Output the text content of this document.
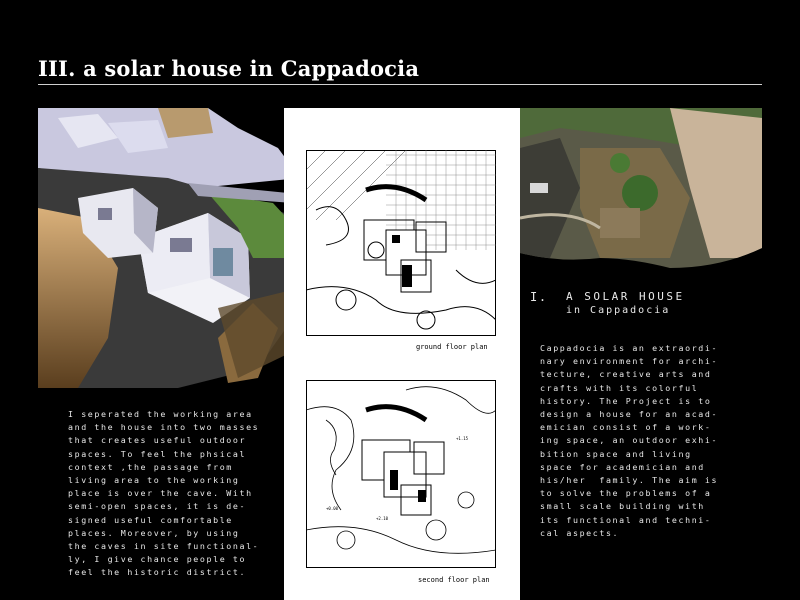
III. a solar house in Cappadocia
ground floor plan
+1.15
+0.00
+2.10
second floor plan
I. A SOLAR HOUSE
in Cappadocia
Cappadocia is an extraordi-
nary environment for archi-
tecture, creative arts and
crafts with its colorful
history. The Project is to
design a house for an acad-
emician consist of a work-
ing space, an outdoor exhi-
bition space and living
space for academician and
his/her  family. The aim is
to solve the problems of a
small scale building with
its functional and techni-
cal aspects.
I seperated the working area
and the house into two masses
that creates useful outdoor
spaces. To feel the phsical
context ,the passage from
living area to the working
place is over the cave. With
semi-open spaces, it is de-
signed useful comfortable
places. Moreover, by using
the caves in site functional-
ly, I give chance people to
feel the historic district.
